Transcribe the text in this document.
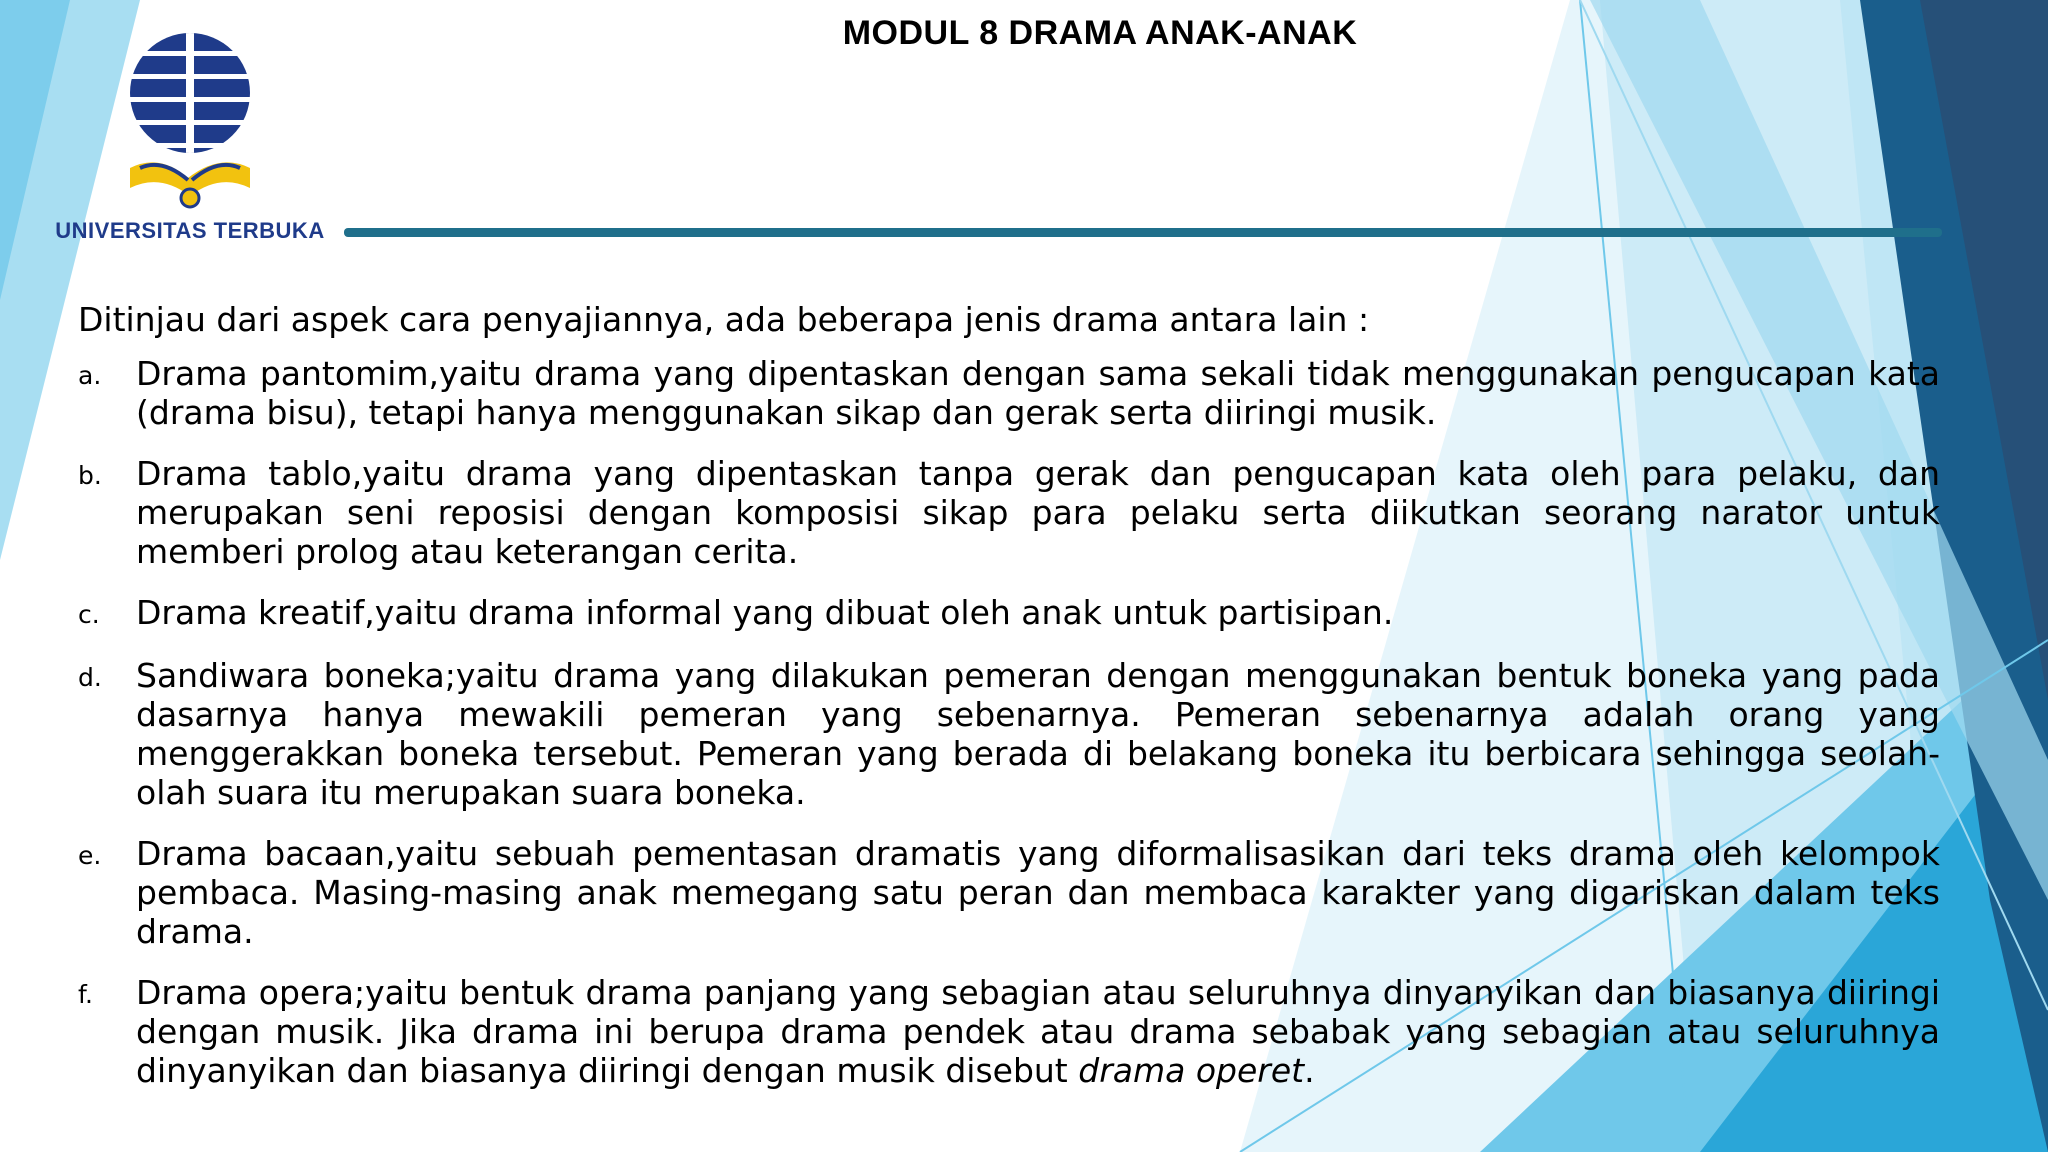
UNIVERSITAS TERBUKA
MODUL 8 DRAMA ANAK-ANAK
Ditinjau dari aspek cara penyajiannya, ada beberapa jenis drama antara lain :
a.	Drama pantomim,yaitu drama yang dipentaskan dengan sama sekali tidak menggunakan pengucapan kata (drama bisu), tetapi hanya menggunakan sikap dan gerak serta diiringi musik.
b.	Drama tablo,yaitu drama yang dipentaskan tanpa gerak dan pengucapan kata oleh para pelaku, dan merupakan seni reposisi dengan komposisi sikap para pelaku serta diikutkan seorang narator untuk memberi prolog atau keterangan cerita.
c.	Drama kreatif,yaitu drama informal yang dibuat oleh anak untuk partisipan.
d.	Sandiwara boneka;yaitu drama yang dilakukan pemeran dengan menggunakan bentuk boneka yang pada dasarnya hanya mewakili pemeran yang sebenarnya. Pemeran sebenarnya adalah orang yang menggerakkan boneka tersebut. Pemeran yang berada di belakang boneka itu berbicara sehingga seolah-olah suara itu merupakan suara boneka.
e.	Drama bacaan,yaitu sebuah pementasan dramatis yang diformalisasikan dari teks drama oleh kelompok pembaca. Masing-masing anak memegang satu peran dan membaca karakter yang digariskan dalam teks drama.
f.	Drama opera;yaitu bentuk drama panjang yang sebagian atau seluruhnya dinyanyikan dan biasanya diiringi dengan musik. Jika drama ini berupa drama pendek atau drama sebabak yang sebagian atau seluruhnya dinyanyikan dan biasanya diiringi dengan musik disebut drama operet.
